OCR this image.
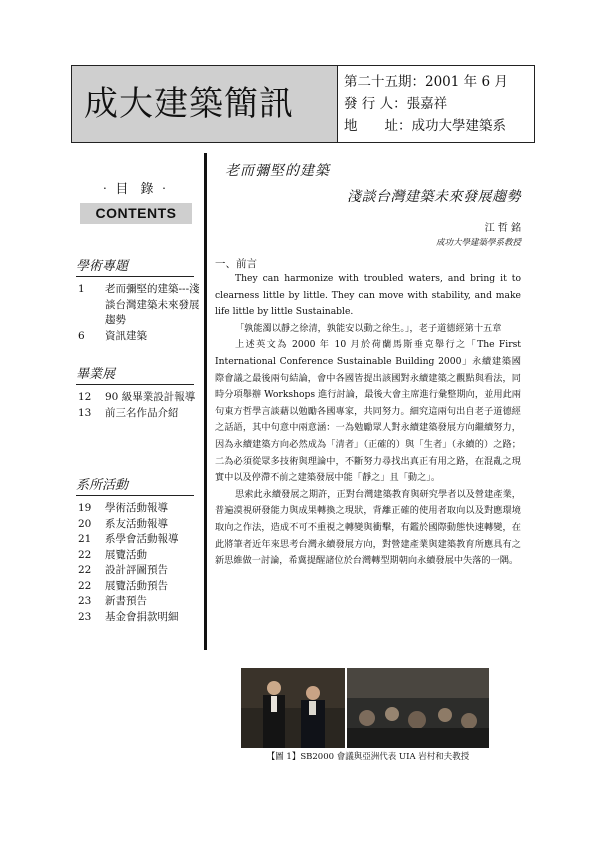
成大建築簡訊
第二十五期：2001 年 6 月
發 行 人：張嘉祥
地　　址：成功大學建築系
‧目 錄‧
CONTENTS
學術專題
1	老而彌堅的建築---淺談台灣建築未來發展趨勢
6	資訊建築
畢業展
12	90 級畢業設計報導
13	前三名作品介紹
系所活動
19	學術活動報導
20	系友活動報導
21	系學會活動報導
22	展覽活動
22	設計評圖預告
22	展覽活動預告
23	新書預告
23	基金會捐款明細
老而彌堅的建築
淺談台灣建築未來發展趨勢
江 哲 銘
成功大學建築學系教授
一、前言

They can harmonize with troubled waters, and bring it to clearness little by little. They can move with stability, and make life little by little Sustainable.

「孰能濁以靜之徐清，孰能安以動之徐生。」，老子道德經第十五章

上述英文為 2000 年 10 月於荷蘭馬斯垂克舉行之「The First International Conference Sustainable Building 2000」永續建築國際會議之最後兩句結論，會中各國皆提出該國對永續建築之觀點與看法，同時分項舉辦 Workshops 進行討論，最後大會主席進行彙整期向，並用此兩句東方哲學言談藉以勉勵各國專家，共同努力。細究這兩句出自老子道德經之話語，其中句意中兩意涵：一為勉勵眾人對永續建築發展方向繼續努力，因為永續建築方向必然成為「清者」（正確的）與「生者」（永續的）之路；二為必須從眾多技術與理論中，不斷努力尋找出真正有用之路，在混亂之現實中以及停滯不前之建築發展中能「靜之」且「動之」。

思索此永續發展之期許，正對台灣建築教育與研究學者以及營建產業，普遍漠視研發能力與成果轉換之現狀，背離正確的使用者取向以及對應環境取向之作法，造成不可不重視之轉變與衝擊，有鑑於國際動態快速轉變，在此將筆者近年來思考台灣永續發展方向，對營建產業與建築教育所應具有之新思維做一討論，希冀提醒諸位於台灣轉型期朝向永續發展中失落的一隅。

【圖 1】SB2000 會議與亞洲代表 UIA 岩村和夫教授
